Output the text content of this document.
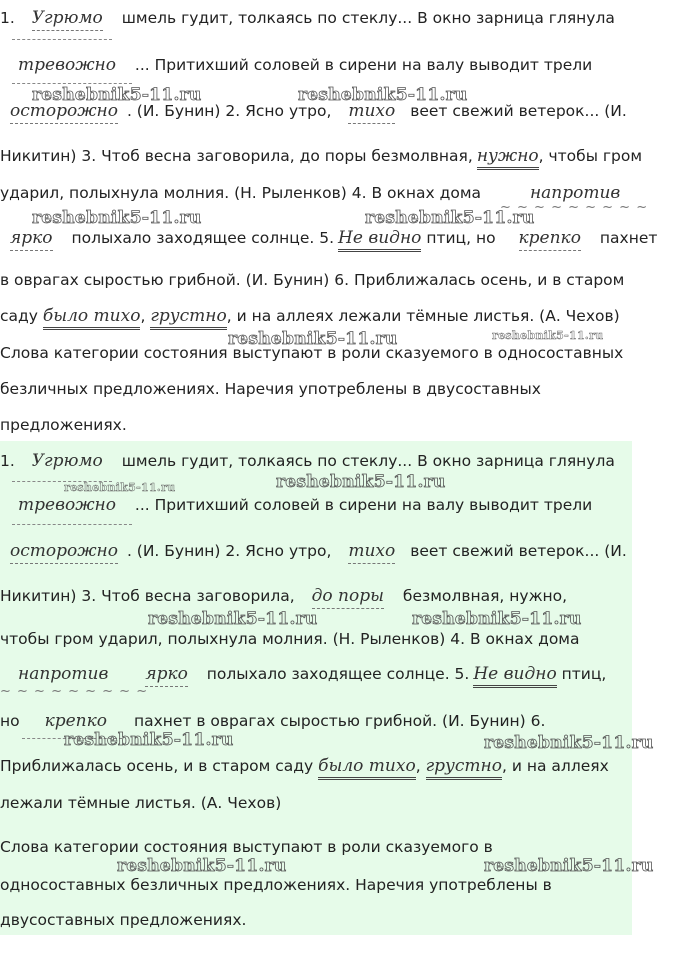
1. Угрюмо шмель гудит, толкаясь по стеклу... В окно зарница глянула
тревожно ... Притихший соловей в сирени на валу выводит трели
осторожно . (И. Бунин) 2. Ясно утро, тихо веет свежий ветерок... (И.
Никитин) 3. Чтоб весна заговорила, до поры безмолвная, нужно, чтобы гром
ударил, полыхнула молния. (Н. Рыленков) 4. В окнах дома	напротив
~ ~ ~ ~ ~ ~ ~ ~ ~
ярко полыхало заходящее солнце. 5. Не видно птиц, но крепко пахнет
в оврагах сыростью грибной. (И. Бунин) 6. Приближалась осень, и в старом
саду было тихо, грустно, и на аллеях лежали тёмные листья. (А. Чехов)
Слова категории состояния выступают в роли сказуемого в односоставных
безличных предложениях. Наречия употреблены в двусоставных
предложениях.
1. Угрюмо шмель гудит, толкаясь по стеклу... В окно зарница глянула
тревожно ... Притихший соловей в сирени на валу выводит трели
осторожно . (И. Бунин) 2. Ясно утро, тихо веет свежий ветерок... (И.
Никитин) 3. Чтоб весна заговорила, до поры безмолвная, нужно,
чтобы гром ударил, полыхнула молния. (Н. Рыленков) 4. В окнах дома
напротив ярко полыхало заходящее солнце. 5. Не видно птиц,
~ ~ ~ ~ ~ ~ ~ ~ ~
но крепко пахнет в оврагах сыростью грибной. (И. Бунин) 6.
Приближалась осень, и в старом саду было тихо, грустно, и на аллеях
лежали тёмные листья. (А. Чехов)
Слова категории состояния выступают в роли сказуемого в
односоставных безличных предложениях. Наречия употреблены в
двусоставных предложениях.
reshebnik5-11.ru	reshebnik5-11.ru
reshebnik5-11.ru	reshebnik5-11.ru
reshebnik5-11.ru	reshebnik5-11.ru
reshebnik5-11.ru	reshebnik5-11.ru
reshebnik5-11.ru	reshebnik5-11.ru
reshebnik5-11.ru	reshebnik5-11.ru
reshebnik5-11.ru	reshebnik5-11.ru
